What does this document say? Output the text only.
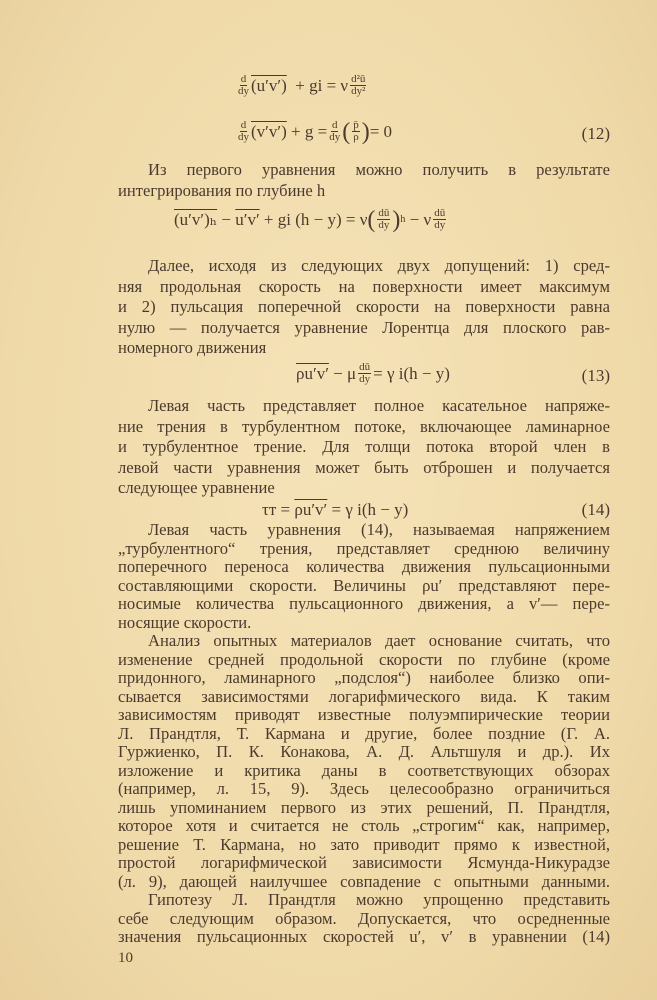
$\frac{d}{dy} (u'v')$
+ gi = ν $\frac{\text{d²ū}}{\text{dy²}}$
$\frac{d}{dy} (v'v')$
+ $g = \frac{d}{dy}$ ( $\frac{p̄}{\rho}$ ) = 0	(12)
Из первого уравнения можно получить в результате
интегрирования по глубине h
(u′v′)ₕ
−
u′v′
+ gi (h − y) = ν ( $\frac{dū}{dy}$ ) h
− ν $\frac{dū}{dy}$
Далее, исходя из следующих двух допущений: 1) сред-
няя продольная скорость на поверхности имеет максимум
и 2) пульсация поперечной скорости на поверхности равна
нулю — получается уравнение Лорентца для плоского рав-
номерного движения
ρu′v′
− μ $\frac{dū}{dy} = \gamma$ i(h − y)	(13)
Левая часть представляет полное касательное напряже-
ние трения в турбулентном потоке, включающее ламинарное
и турбулентное трение. Для толщи потока второй член в
левой части уравнения может быть отброшен и получается
следующее уравнение
τт =
ρu′v′
= γ i(h − y)	(14)
Левая часть уравнения (14), называемая напряжением
„турбулентного“ трения, представляет среднюю величину
поперечного переноса количества движения пульсационными
составляющими скорости. Величины ρu′ представляют пере-
носимые количества пульсационного движения, а v′— пере-
носящие скорости.
Анализ опытных материалов дает основание считать, что
изменение средней продольной скорости по глубине (кроме
придонного, ламинарного „подслоя“) наиболее близко опи-
сывается зависимостями логарифмического вида. К таким
зависимостям приводят известные полуэмпирические теории
Л. Прандтля, Т. Кармана и другие, более поздние (Г. А.
Гуржиенко, П. К. Конакова, А. Д. Альтшуля и др.). Их
изложение и критика даны в соответствующих обзорах
(например, л. 15, 9). Здесь целесообразно ограничиться
лишь упоминанием первого из этих решений, П. Прандтля,
которое хотя и считается не столь „строгим“ как, например,
решение Т. Кармана, но зато приводит прямо к известной,
простой логарифмической зависимости Ясмунда-Никурадзе
(л. 9), дающей наилучшее совпадение с опытными данными.
Гипотезу Л. Прандтля можно упрощенно представить
себе следующим образом. Допускается, что осредненные
значения пульсационных скоростей u′, v′ в уравнении (14)
10
